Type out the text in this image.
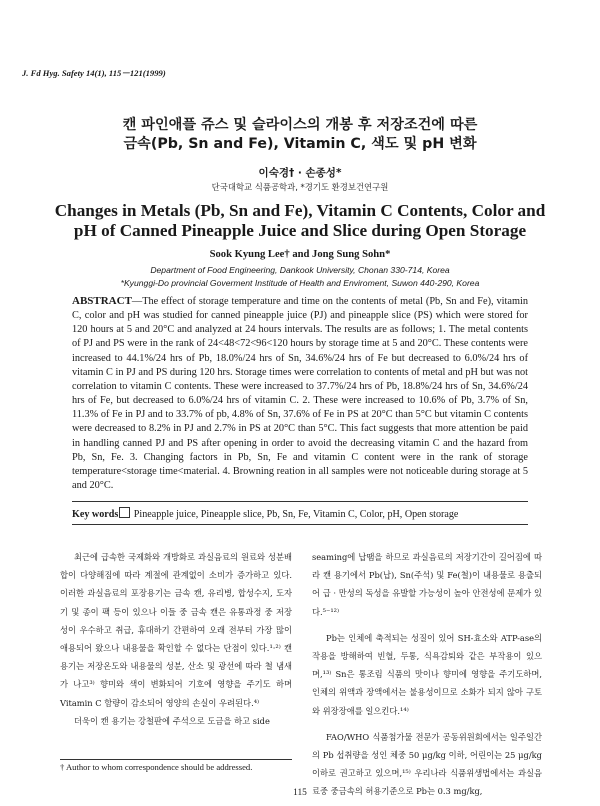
J. Fd Hyg. Safety 14(1), 115－121(1999)
캔 파인애플 쥬스 및 슬라이스의 개봉 후 저장조건에 따른
금속(Pb, Sn and Fe), Vitamin C, 색도 및 pH 변화
이숙경† · 손종성*
단국대학교 식품공학과, *경기도 환경보건연구원
Changes in Metals (Pb, Sn and Fe), Vitamin C Contents, Color and
pH of Canned Pineapple Juice and Slice during Open Storage
Sook Kyung Lee† and Jong Sung Sohn*
Department of Food Engineering, Dankook University, Chonan 330-714, Korea
*Kyunggi-Do provincial Goverment Institude of Health and Enviroment, Suwon 440-290, Korea
ABSTRACT—The effect of storage temperature and time on the contents of metal (Pb, Sn and Fe), vitamin C, color and pH was studied for canned pineapple juice (PJ) and pineapple slice (PS) which were stored for 120 hours at 5 and 20°C and analyzed at 24 hours intervals. The results are as follows; 1. The metal contents of PJ and PS were in the rank of 24<48<72<96<120 hours by storage time at 5 and 20°C. These contents were increased to 44.1%/24 hrs of Pb, 18.0%/24 hrs of Sn, 34.6%/24 hrs of Fe but decreased to 6.0%/24 hrs of vitamin C in PJ and PS during 120 hrs. Storage times were correlation to contents of metal and pH but was not correlation to vitamin C contents. These were increased to 37.7%/24 hrs of Pb, 18.8%/24 hrs of Sn, 34.6%/24 hrs of Fe, but decreased to 6.0%/24 hrs of vitamin C. 2. These were increased to 10.6% of Pb, 3.7% of Sn, 11.3% of Fe in PJ and to 33.7% of pb, 4.8% of Sn, 37.6% of Fe in PS at 20°C than 5°C but vitamin C contents were decreased to 8.2% in PJ and 2.7% in PS at 20°C than 5°C. This fact suggests that more attention be paid in handling canned PJ and PS after opening in order to avoid the decreasing vitamin C and the hazard from Pb, Sn, Fe. 3. Changing factors in Pb, Sn, Fe and vitamin C content were in the rank of storage temperature<storage time<material. 4. Browning reation in all samples were not noticeable during storage at 5 and 20°C.
Key words Pineapple juice, Pineapple slice, Pb, Sn, Fe, Vitamin C, Color, pH, Open storage

최근에 급속한 국제화와 개방화로 과실음료의 원료와 성분배합이 다양해짐에 따라 계절에 관계없이 소비가 증가하고 있다. 이러한 과실음료의 포장용기는 금속 캔, 유리병, 합성수지, 도자기 및 종이 팩 등이 있으나 이들 중 금속 캔은 유통과정 중 저장성이 우수하고 취급, 휴대하기 간편하여 오래 전부터 가장 많이 애용되어 왔으나 내용물을 확인할 수 없다는 단점이 있다.¹·²⁾ 캔 용기는 저장온도와 내용물의 성분, 산소 및 광선에 따라 철 냄새가 나고³⁾ 향미와 색이 변화되어 기호에 영향을 주기도 하며 Vitamin C 함량이 감소되어 영양의 손실이 우려된다.⁴⁾

더욱이 캔 용기는 강철판에 주석으로 도금을 하고 side

seaming에 납땜을 하므로 과실음료의 저장기간이 길어짐에 따라 캔 용기에서 Pb(납), Sn(주석) 및 Fe(철)이 내용물로 용출되어 급 · 만성의 독성을 유발할 가능성이 높아 안전성에 문제가 있다.⁵⁻¹²⁾

Pb는 인체에 축적되는 성질이 있어 SH-효소와 ATP-ase의 작용을 방해하여 빈혈, 두통, 식욕감퇴와 같은 부작용이 있으며,¹³⁾ Sn은 통조림 식품의 맛이나 향미에 영향을 주기도하며, 인체의 위액과 장액에서는 불용성이므로 소화가 되지 않아 구토와 위장장애를 일으킨다.¹⁴⁾

FAO/WHO 식품첨가물 전문가 공동위원회에서는 일주일간의 Pb 섭취량을 성인 체중 50 μg/kg 이하, 어린이는 25 μg/kg 이하로 권고하고 있으며,¹⁵⁾ 우리나라 식품위생법에서는 과실음료중 중금속의 허용기준으로 Pb는 0.3 mg/kg,

† Author to whom correspondence should be addressed.
115
